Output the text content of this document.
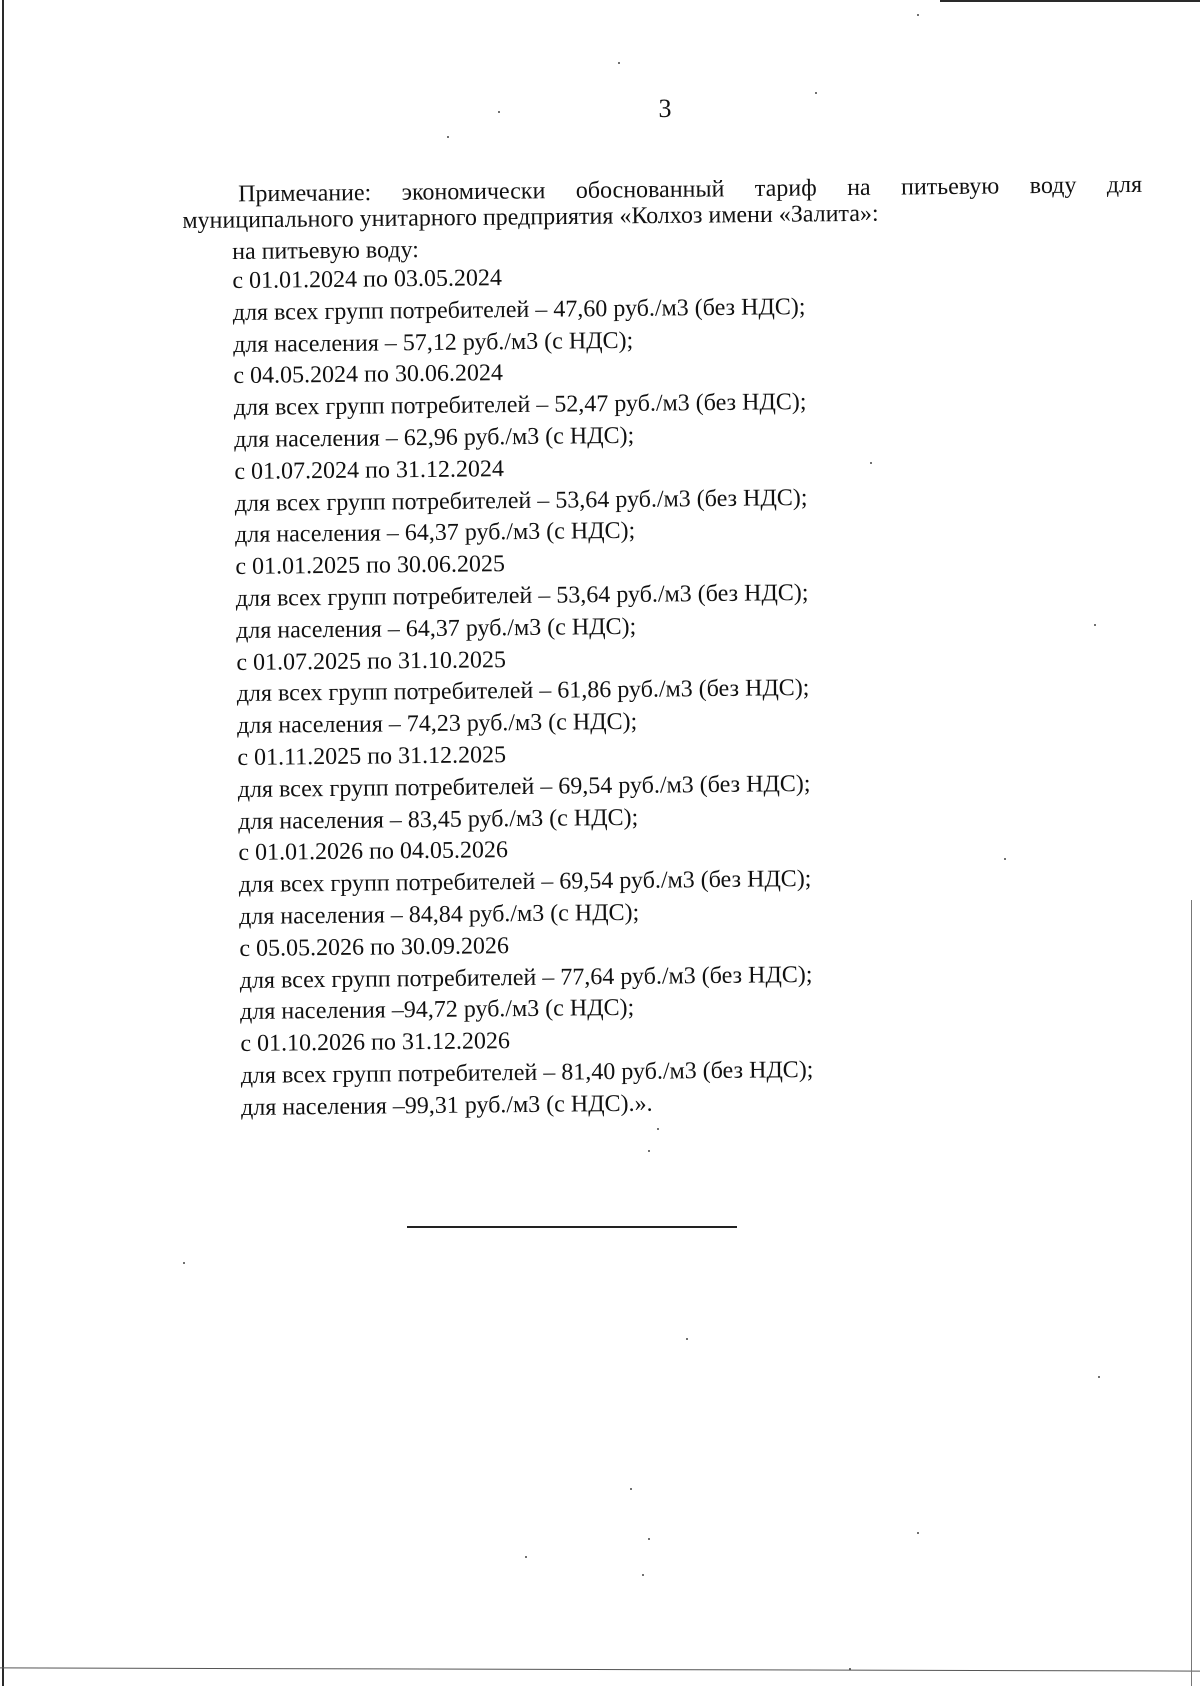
3
Примечание: экономически обоснованный тариф на питьевую воду для
муниципального унитарного предприятия «Колхоз имени «Залита»:
на питьевую воду:
с 01.01.2024 по 03.05.2024
для всех групп потребителей – 47,60 руб./м3 (без НДС);
для населения – 57,12 руб./м3 (с НДС);
с 04.05.2024 по 30.06.2024
для всех групп потребителей – 52,47 руб./м3 (без НДС);
для населения – 62,96 руб./м3 (с НДС);
с 01.07.2024 по 31.12.2024
для всех групп потребителей – 53,64 руб./м3 (без НДС);
для населения – 64,37 руб./м3 (с НДС);
с 01.01.2025 по 30.06.2025
для всех групп потребителей – 53,64 руб./м3 (без НДС);
для населения – 64,37 руб./м3 (с НДС);
с 01.07.2025 по 31.10.2025
для всех групп потребителей – 61,86 руб./м3 (без НДС);
для населения – 74,23 руб./м3 (с НДС);
с 01.11.2025 по 31.12.2025
для всех групп потребителей – 69,54 руб./м3 (без НДС);
для населения – 83,45 руб./м3 (с НДС);
с 01.01.2026 по 04.05.2026
для всех групп потребителей – 69,54 руб./м3 (без НДС);
для населения – 84,84 руб./м3 (с НДС);
с 05.05.2026 по 30.09.2026
для всех групп потребителей – 77,64 руб./м3 (без НДС);
для населения –94,72 руб./м3 (с НДС);
с 01.10.2026 по 31.12.2026
для всех групп потребителей – 81,40 руб./м3 (без НДС);
для населения –99,31 руб./м3 (с НДС).».
